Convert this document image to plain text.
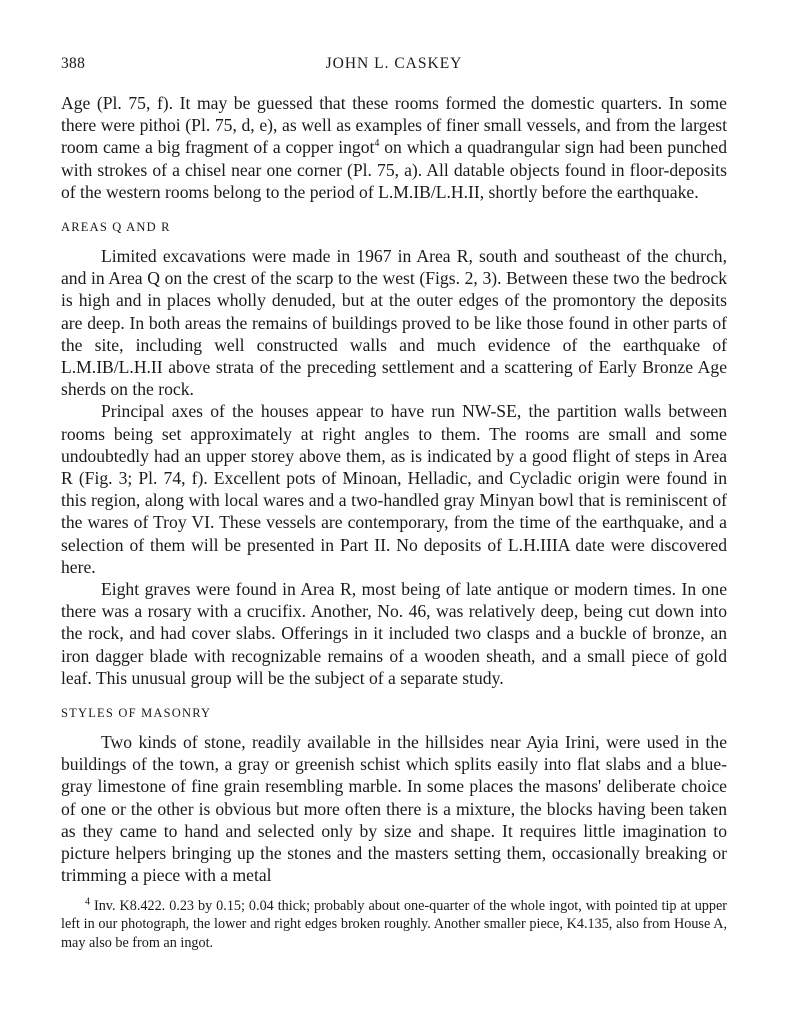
388	JOHN L. CASKEY

Age (Pl. 75, f). It may be guessed that these rooms formed the domestic quarters. In some there were pithoi (Pl. 75, d, e), as well as examples of finer small vessels, and from the largest room came a big fragment of a copper ingot$^4$ on which a quadrangular sign had been punched with strokes of a chisel near one corner (Pl. 75, a). All datable objects found in floor-deposits of the western rooms belong to the period of L.M.IB/L.H.II, shortly before the earthquake.

AREAS Q AND R

Limited excavations were made in 1967 in Area R, south and southeast of the church, and in Area Q on the crest of the scarp to the west (Figs. 2, 3). Between these two the bedrock is high and in places wholly denuded, but at the outer edges of the promontory the deposits are deep. In both areas the remains of buildings proved to be like those found in other parts of the site, including well constructed walls and much evidence of the earthquake of L.M.IB/L.H.II above strata of the preceding settlement and a scattering of Early Bronze Age sherds on the rock.

Principal axes of the houses appear to have run NW-SE, the partition walls between rooms being set approximately at right angles to them. The rooms are small and some undoubtedly had an upper storey above them, as is indicated by a good flight of steps in Area R (Fig. 3; Pl. 74, f). Excellent pots of Minoan, Helladic, and Cycladic origin were found in this region, along with local wares and a two-handled gray Minyan bowl that is reminiscent of the wares of Troy VI. These vessels are contemporary, from the time of the earthquake, and a selection of them will be presented in Part II. No deposits of L.H.IIIA date were discovered here.

Eight graves were found in Area R, most being of late antique or modern times. In one there was a rosary with a crucifix. Another, No. 46, was relatively deep, being cut down into the rock, and had cover slabs. Offerings in it included two clasps and a buckle of bronze, an iron dagger blade with recognizable remains of a wooden sheath, and a small piece of gold leaf. This unusual group will be the subject of a separate study.

STYLES OF MASONRY

Two kinds of stone, readily available in the hillsides near Ayia Irini, were used in the buildings of the town, a gray or greenish schist which splits easily into flat slabs and a blue-gray limestone of fine grain resembling marble. In some places the masons' deliberate choice of one or the other is obvious but more often there is a mixture, the blocks having been taken as they came to hand and selected only by size and shape. It requires little imagination to picture helpers bringing up the stones and the masters setting them, occasionally breaking or trimming a piece with a metal

$^4$ Inv. K8.422. 0.23 by 0.15; 0.04 thick; probably about one-quarter of the whole ingot, with pointed tip at upper left in our photograph, the lower and right edges broken roughly. Another smaller piece, K4.135, also from House A, may also be from an ingot.
